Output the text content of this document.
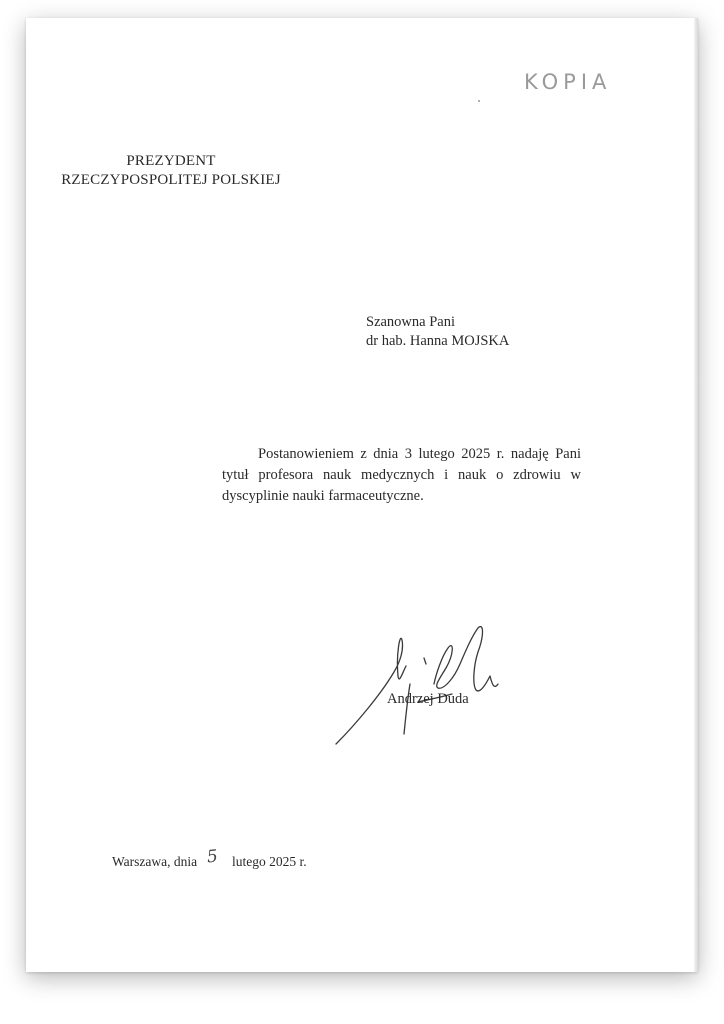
KOPIA
PREZYDENT
RZECZYPOSPOLITEJ POLSKIEJ
Szanowna Pani
dr hab. Hanna MOJSKA
Postanowieniem z dnia 3 lutego 2025 r. nadaję Pani tytuł profesora nauk medycznych i nauk o zdrowiu w dyscyplinie nauki farmaceutyczne.
Andrzej Duda
Warszawa, dnia 5 lutego 2025 r.
